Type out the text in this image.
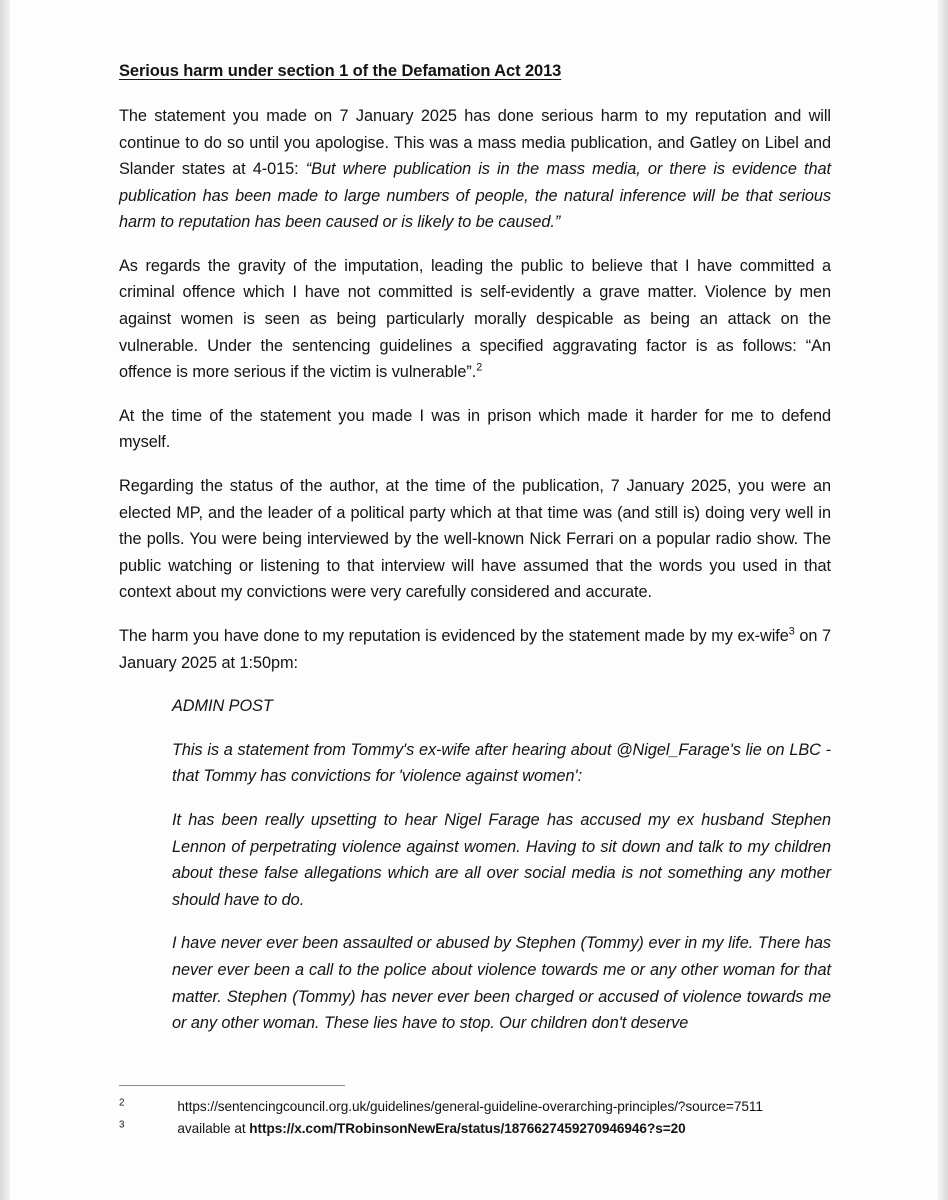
Serious harm under section 1 of the Defamation Act 2013

The statement you made on 7 January 2025 has done serious harm to my reputation and will continue to do so until you apologise. This was a mass media publication, and Gatley on Libel and Slander states at 4-015: “But where publication is in the mass media, or there is evidence that publication has been made to large numbers of people, the natural inference will be that serious harm to reputation has been caused or is likely to be caused.”

As regards the gravity of the imputation, leading the public to believe that I have committed a criminal offence which I have not committed is self-evidently a grave matter. Violence by men against women is seen as being particularly morally despicable as being an attack on the vulnerable. Under the sentencing guidelines a specified aggravating factor is as follows: “An offence is more serious if the victim is vulnerable”.$^2$

At the time of the statement you made I was in prison which made it harder for me to defend myself.

Regarding the status of the author, at the time of the publication, 7 January 2025, you were an elected MP, and the leader of a political party which at that time was (and still is) doing very well in the polls. You were being interviewed by the well-known Nick Ferrari on a popular radio show. The public watching or listening to that interview will have assumed that the words you used in that context about my convictions were very carefully considered and accurate.

The harm you have done to my reputation is evidenced by the statement made by my ex-wife$^3$ on 7 January 2025 at 1:50pm:

ADMIN POST

This is a statement from Tommy's ex-wife after hearing about @Nigel_Farage's lie on LBC - that Tommy has convictions for 'violence against women':

It has been really upsetting to hear Nigel Farage has accused my ex husband Stephen Lennon of perpetrating violence against women. Having to sit down and talk to my children about these false allegations which are all over social media is not something any mother should have to do.

I have never ever been assaulted or abused by Stephen (Tommy) ever in my life. There has never ever been a call to the police about violence towards me or any other woman for that matter. Stephen (Tommy) has never ever been charged or accused of violence towards me or any other woman. These lies have to stop. Our children don't deserve

$^2$	https://sentencingcouncil.org.uk/guidelines/general-guideline-overarching-principles/?source=7511

$^3$	available at https://x.com/TRobinsonNewEra/status/1876627459270946946?s=20
